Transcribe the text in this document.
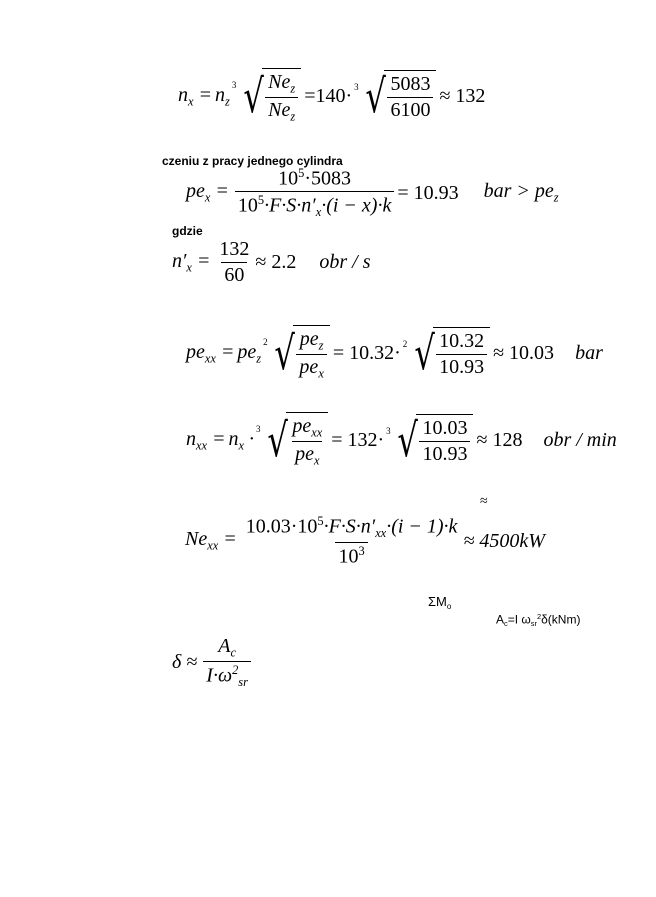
$n_x = n_z$
3 √ $\frac{Ne_z}{Ne_z} =140\cdot 3$ √ $\frac{5083}{6100} \approx 132$
czeniu z pracy jednego cylindra
$pe_x = \frac{10^5\cdot 5083}{10^5\cdot F\cdot S\cdot n'_x\cdot(i - x)\cdot k} = 10.93$ bar > $pe_z$
gdzie
$n'_x = \frac{132}{60} \approx 2.2$ obr / s
$pe_{xx} = pe_z$
2 √ $\frac{pe_z}{pe_x} = 10.32\cdot 2$ √ $\frac{10.32}{10.93} \approx 10.03$ bar
$n_{xx} = n_x \cdot 3$ √ $\frac{pe_{xx}}{pe_x} = 132\cdot 3$ √ $\frac{10.03}{10.93} \approx 128$ obr / min
≈
$Ne_{xx} = \frac{10.03\cdot 10^5\cdot F\cdot S\cdot n'_{xx}\cdot(i - 1)\cdot k}{10^3} \approx 4500kW$
$\Sigma M_o$
$A_c=I$ $\omega_{sr}^2\delta(kNm)$
$\delta \approx \frac{A_c}{I\cdot\omega^2_{sr}}$
